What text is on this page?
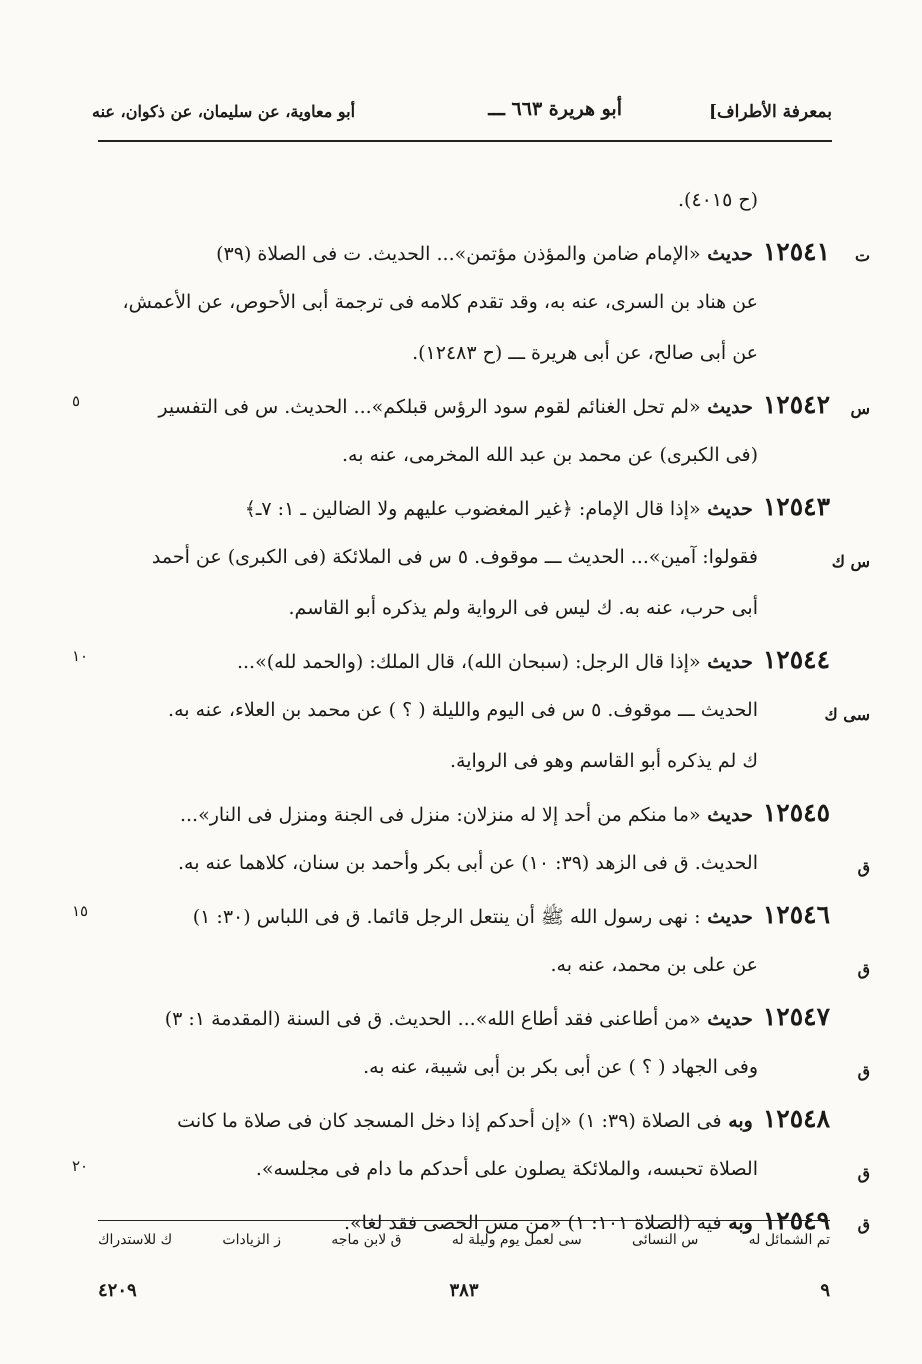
بمعرفة الأطراف]
أبو هريرة ٦٦٣ ـــ
أبو معاوية، عن سليمان، عن ذكوان، عنه
(ح ٤٠١٥).
١٢٥٤١حديث «الإمام ضامن والمؤذن مؤتمن»... الحديث. ت فى الصلاة (٣٩)	ت
عن هناد بن السرى، عنه به، وقد تقدم كلامه فى ترجمة أبى الأحوص، عن الأعمش،
عن أبى صالح، عن أبى هريرة ـــ (ح ١٢٤٨٣).
١٢٥٤٢حديث «لم تحل الغنائم لقوم سود الرؤس قبلكم»... الحديث. س فى التفسير	س
٥
(فى الكبرى) عن محمد بن عبد الله المخرمى، عنه به.
١٢٥٤٣حديث «إذا قال الإمام: ﴿غير المغضوب عليهم ولا الضالين ـ ١: ٧ـ﴾
فقولوا: آمين»... الحديث ـــ موقوف. ٥ س فى الملائكة (فى الكبرى) عن أحمد	س ك
أبى حرب، عنه به. ك ليس فى الرواية ولم يذكره أبو القاسم.
١٢٥٤٤حديث «إذا قال الرجل: (سبحان الله)، قال الملك: (والحمد لله)»...
١٠
الحديث ـــ موقوف. ٥ س فى اليوم والليلة ( ؟ ) عن محمد بن العلاء، عنه به.	سى ك
ك لم يذكره أبو القاسم وهو فى الرواية.
١٢٥٤٥حديث «ما منكم من أحد إلا له منزلان: منزل فى الجنة ومنزل فى النار»...
الحديث. ق فى الزهد (٣٩: ١٠) عن أبى بكر وأحمد بن سنان، كلاهما عنه به.	ق
١٢٥٤٦حديث : نهى رسول الله ﷺ أن ينتعل الرجل قائما. ق فى اللباس (٣٠: ١)
١٥
عن على بن محمد، عنه به.	ق
١٢٥٤٧حديث «من أطاعنى فقد أطاع الله»... الحديث. ق فى السنة (المقدمة ١: ٣)
وفى الجهاد ( ؟ ) عن أبى بكر بن أبى شيبة، عنه به.	ق
١٢٥٤٨وبه فى الصلاة (٣٩: ١) «إن أحدكم إذا دخل المسجد كان فى صلاة ما كانت
الصلاة تحبسه، والملائكة يصلون على أحدكم ما دام فى مجلسه».	ق
٢٠
١٢٥٤٩وبه فيه (الصلاة ١٠١: ١) «من مس الحصى فقد لغا».	ق
تم الشمائل له
س النسائى
سى لعمل يوم وليلة له
ق لابن ماجه
ز الزيادات
ك للاستدراك
٩
٣٨٣
٤٢٠٩
